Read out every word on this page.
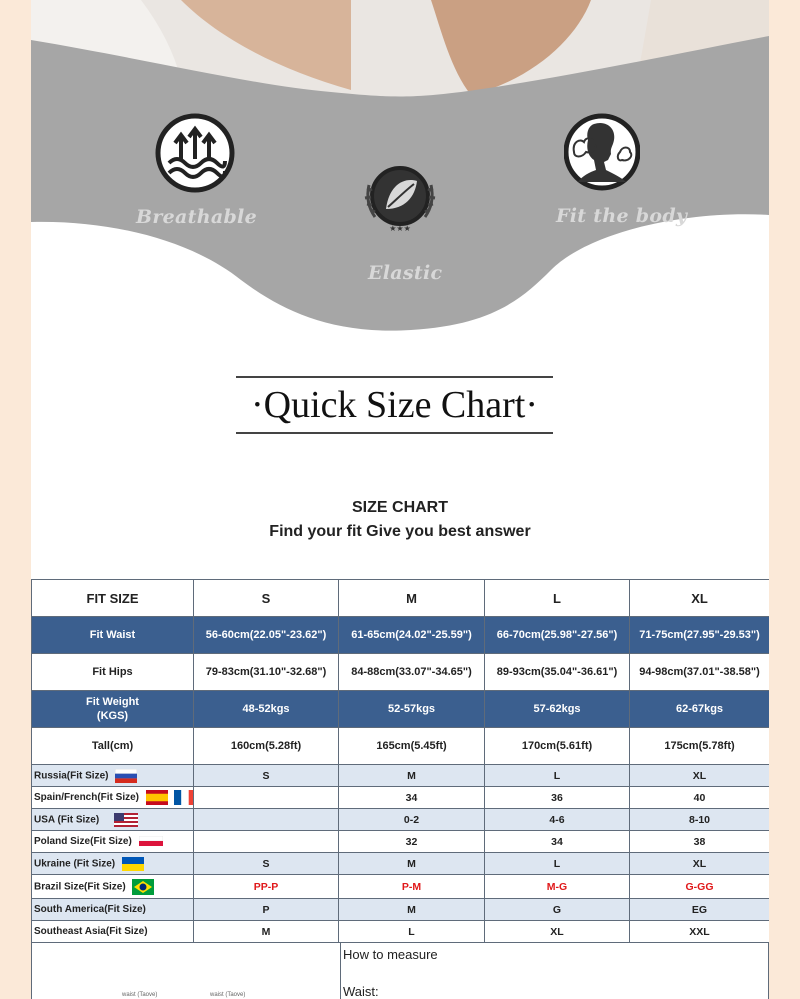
Breathable
★★★
Elastic
Fit the body
·Quick Size Chart·
SIZE CHART
Find your fit Give you best answer
FIT SIZE	S	M	L	XL
Fit Waist	56-60cm(22.05"-23.62")	61-65cm(24.02"-25.59")	66-70cm(25.98"-27.56")	71-75cm(27.95"-29.53")
Fit Hips	79-83cm(31.10"-32.68")	84-88cm(33.07"-34.65")	89-93cm(35.04"-36.61")	94-98cm(37.01"-38.58")

Fit Weight
(KGS)	48-52kgs	52-57kgs	57-62kgs	62-67kgs
Tall(cm)	160cm(5.28ft)	165cm(5.45ft)	170cm(5.61ft)	175cm(5.78ft)
Russia(Fit Size)	S	M	L	XL
Spain/French(Fit Size)		34	36	40
USA (Fit Size)		0-2	4-6	8-10
Poland Size(Fit Size)		32	34	38
Ukraine (Fit Size)	S	M	L	XL
Brazil Size(Fit Size)	PP-P	P-M	M-G	G-GG
South America(Fit Size)	P	M	G	EG
Southeast Asia(Fit Size)	M	L	XL	XXL
How to measure
Waist:
waist (Taove)	waist (Taove)
